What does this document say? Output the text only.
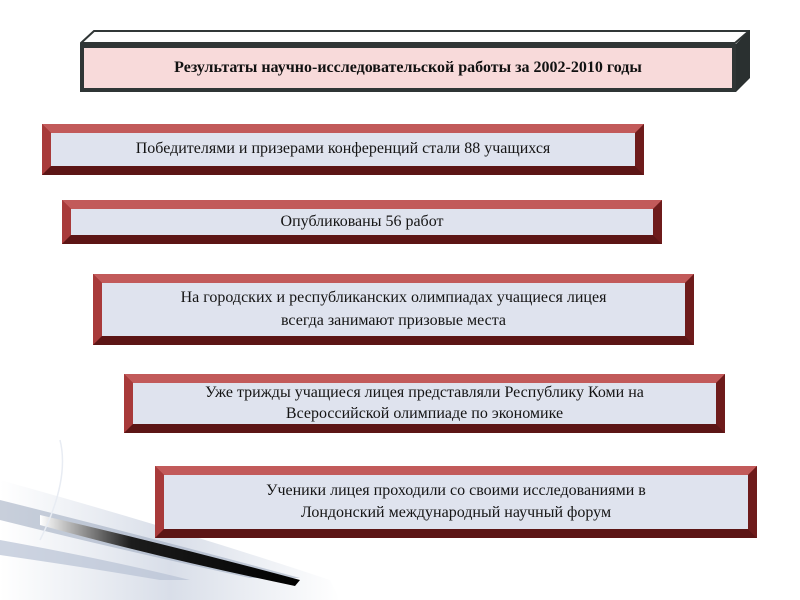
Результаты научно-исследовательской работы за 2002-2010 годы
Победителями и призерами конференций стали 88 учащихся
Опубликованы 56 работ
На городских и республиканских олимпиадах учащиеся лицея
всегда занимают призовые места
Уже трижды учащиеся лицея представляли Республику Коми на
Всероссийской олимпиаде по экономике
Ученики лицея проходили со своими исследованиями в
Лондонский международный научный форум
